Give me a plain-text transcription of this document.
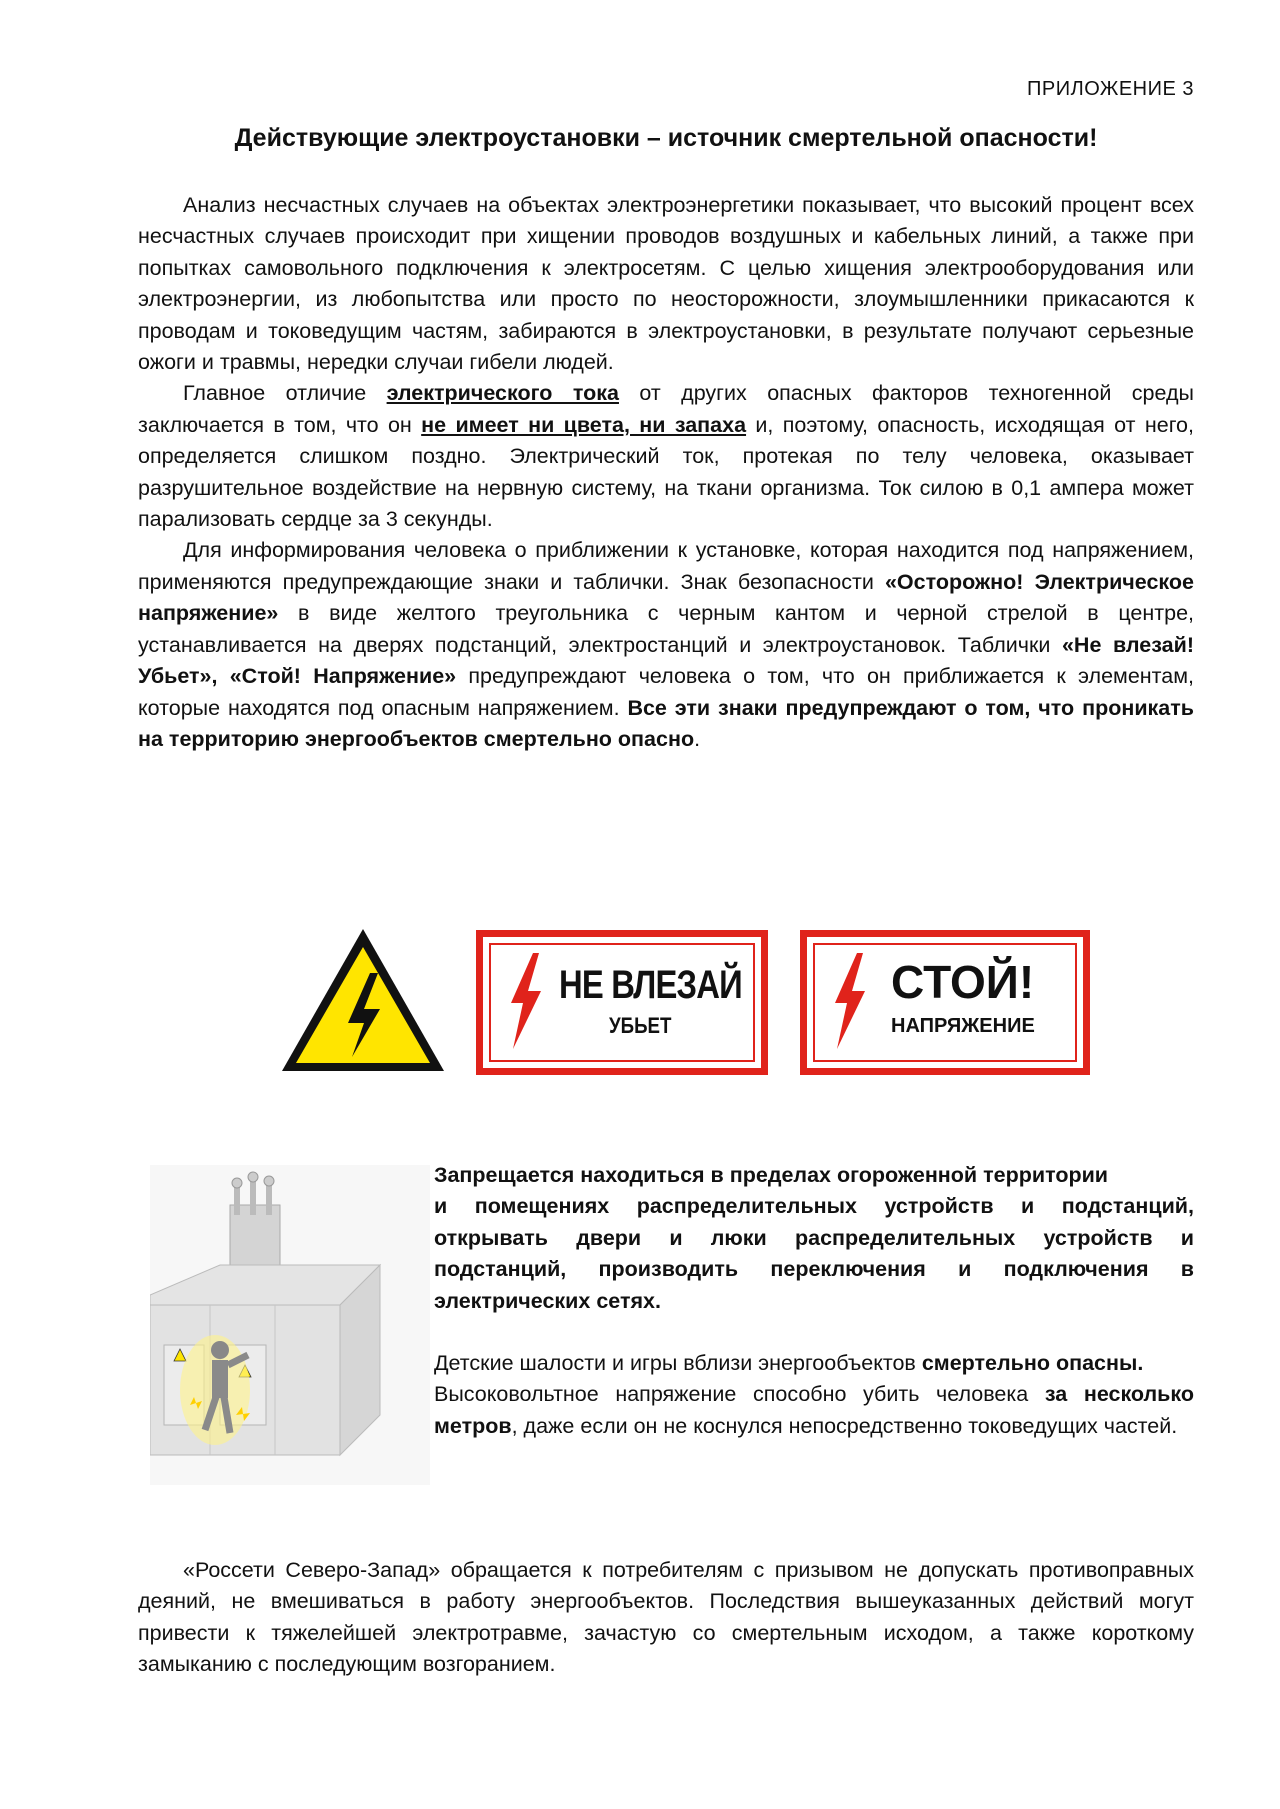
ПРИЛОЖЕНИЕ 3
Действующие электроустановки – источник смертельной опасности!

Анализ несчастных случаев на объектах электроэнергетики показывает, что высокий процент всех несчастных случаев происходит при хищении проводов воздушных и кабельных линий, а также при попытках самовольного подключения к электросетям. С целью хищения электрооборудования или электроэнергии, из любопытства или просто по неосторожности, злоумышленники прикасаются к проводам и токоведущим частям, забираются в электроустановки, в результате получают серьезные ожоги и травмы, нередки случаи гибели людей.

Главное отличие электрического тока от других опасных факторов техногенной среды заключается в том, что он не имеет ни цвета, ни запаха и, поэтому, опасность, исходящая от него, определяется слишком поздно. Электрический ток, протекая по телу человека, оказывает разрушительное воздействие на нервную систему, на ткани организма. Ток силою в 0,1 ампера может парализовать сердце за 3 секунды.

Для информирования человека о приближении к установке, которая находится под напряжением, применяются предупреждающие знаки и таблички. Знак безопасности «Осторожно! Электрическое напряжение» в виде желтого треугольника с черным кантом и черной стрелой в центре, устанавливается на дверях подстанций, электростанций и электроустановок. Таблички «Не влезай! Убьет», «Стой! Напряжение» предупреждают человека о том, что он приближается к элементам, которые находятся под опасным напряжением. Все эти знаки предупреждают о том, что проникать на территорию энергообъектов смертельно опасно.

НЕ ВЛЕЗАЙ
УБЬЕТ
СТОЙ!
НАПРЯЖЕНИЕ

Запрещается находиться в пределах огороженной территории

и помещениях распределительных устройств и подстанций, открывать двери и люки распределительных устройств и подстанций, производить переключения и подключения в электрических сетях.

Детские шалости и игры вблизи энергообъектов смертельно опасны.

Высоковольтное напряжение способно убить человека за несколько метров, даже если он не коснулся непосредственно токоведущих частей.

«Россети Северо-Запад» обращается к потребителям с призывом не допускать противоправных деяний, не вмешиваться в работу энергообъектов. Последствия вышеуказанных действий могут привести к тяжелейшей электротравме, зачастую со смертельным исходом, а также короткому замыканию с последующим возгоранием.
